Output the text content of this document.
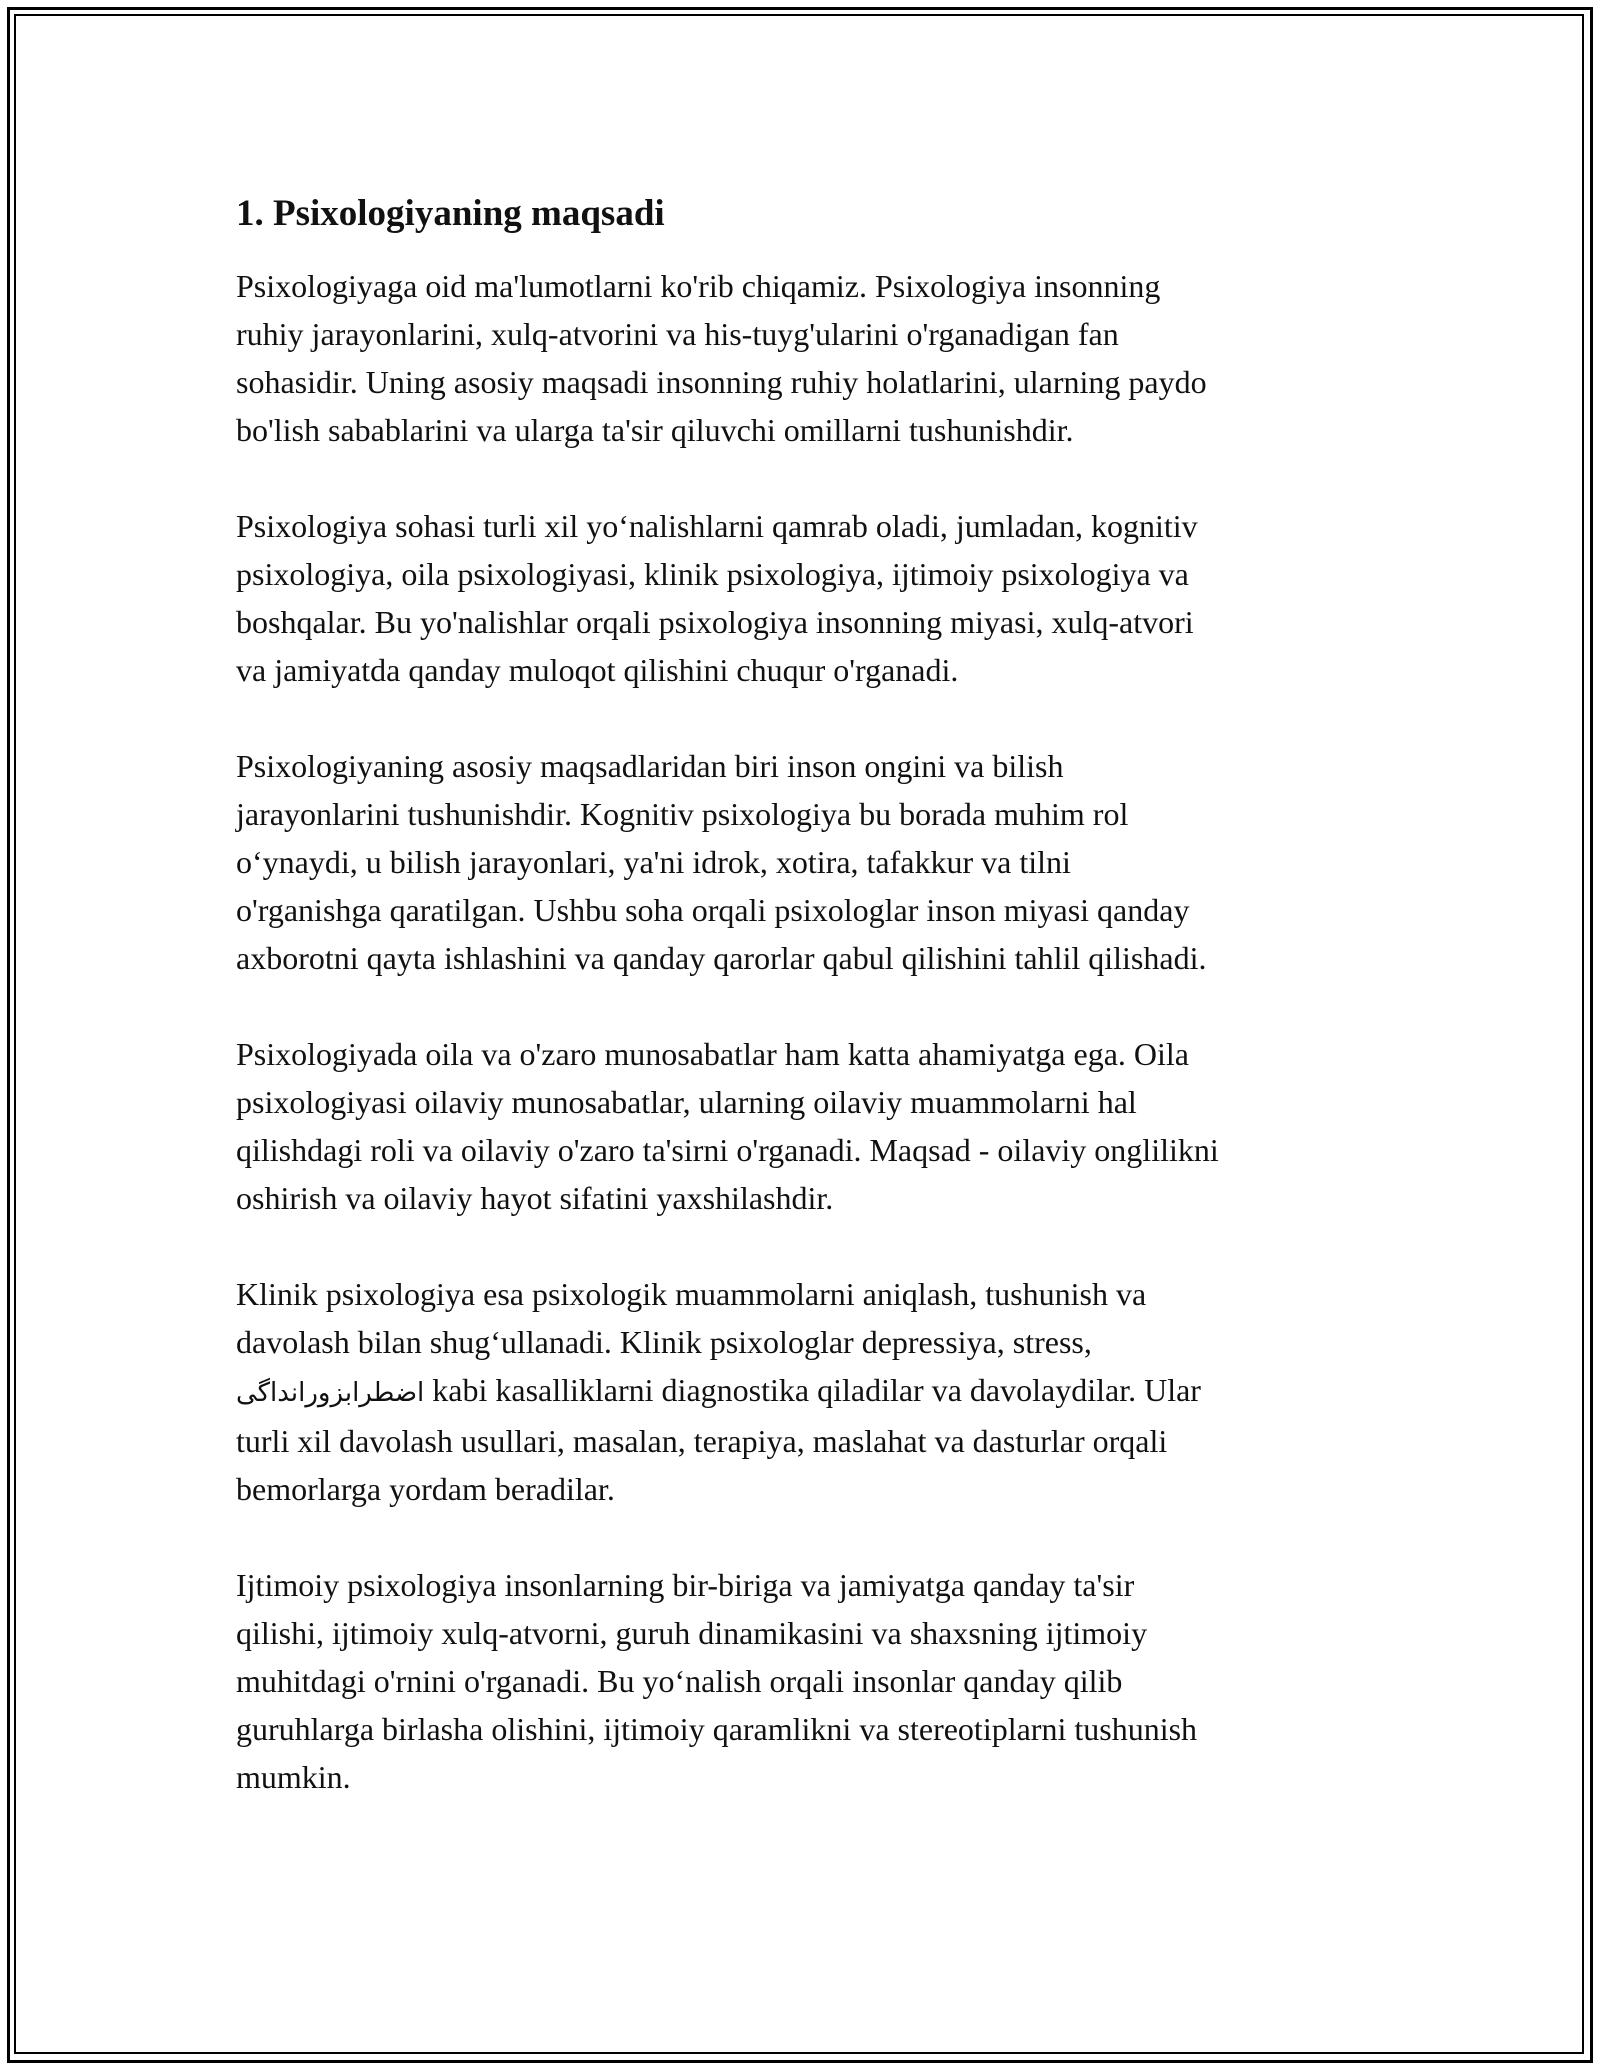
1. Psixologiyaning maqsadi

Psixologiyaga oid ma'lumotlarni ko'rib chiqamiz. Psixologiya insonning
ruhiy jarayonlarini, xulq-atvorini va his-tuyg'ularini o'rganadigan fan
sohasidir. Uning asosiy maqsadi insonning ruhiy holatlarini, ularning paydo
bo'lish sabablarini va ularga ta'sir qiluvchi omillarni tushunishdir.

Psixologiya sohasi turli xil yo‘nalishlarni qamrab oladi, jumladan, kognitiv
psixologiya, oila psixologiyasi, klinik psixologiya, ijtimoiy psixologiya va
boshqalar. Bu yo'nalishlar orqali psixologiya insonning miyasi, xulq-atvori
va jamiyatda qanday muloqot qilishini chuqur o'rganadi.

Psixologiyaning asosiy maqsadlaridan biri inson ongini va bilish
jarayonlarini tushunishdir. Kognitiv psixologiya bu borada muhim rol
o‘ynaydi, u bilish jarayonlari, ya'ni idrok, xotira, tafakkur va tilni
o'rganishga qaratilgan. Ushbu soha orqali psixologlar inson miyasi qanday
axborotni qayta ishlashini va qanday qarorlar qabul qilishini tahlil qilishadi.

Psixologiyada oila va o'zaro munosabatlar ham katta ahamiyatga ega. Oila
psixologiyasi oilaviy munosabatlar, ularning oilaviy muammolarni hal
qilishdagi roli va oilaviy o'zaro ta'sirni o'rganadi. Maqsad - oilaviy onglilikni
oshirish va oilaviy hayot sifatini yaxshilashdir.

Klinik psixologiya esa psixologik muammolarni aniqlash, tushunish va
davolash bilan shug‘ullanadi. Klinik psixologlar depressiya, stress,
اضطرابزورانداگی kabi kasalliklarni diagnostika qiladilar va davolaydilar. Ular
turli xil davolash usullari, masalan, terapiya, maslahat va dasturlar orqali
bemorlarga yordam beradilar.

Ijtimoiy psixologiya insonlarning bir-biriga va jamiyatga qanday ta'sir
qilishi, ijtimoiy xulq-atvorni, guruh dinamikasini va shaxsning ijtimoiy
muhitdagi o'rnini o'rganadi. Bu yo‘nalish orqali insonlar qanday qilib
guruhlarga birlasha olishini, ijtimoiy qaramlikni va stereotiplarni tushunish
mumkin.
